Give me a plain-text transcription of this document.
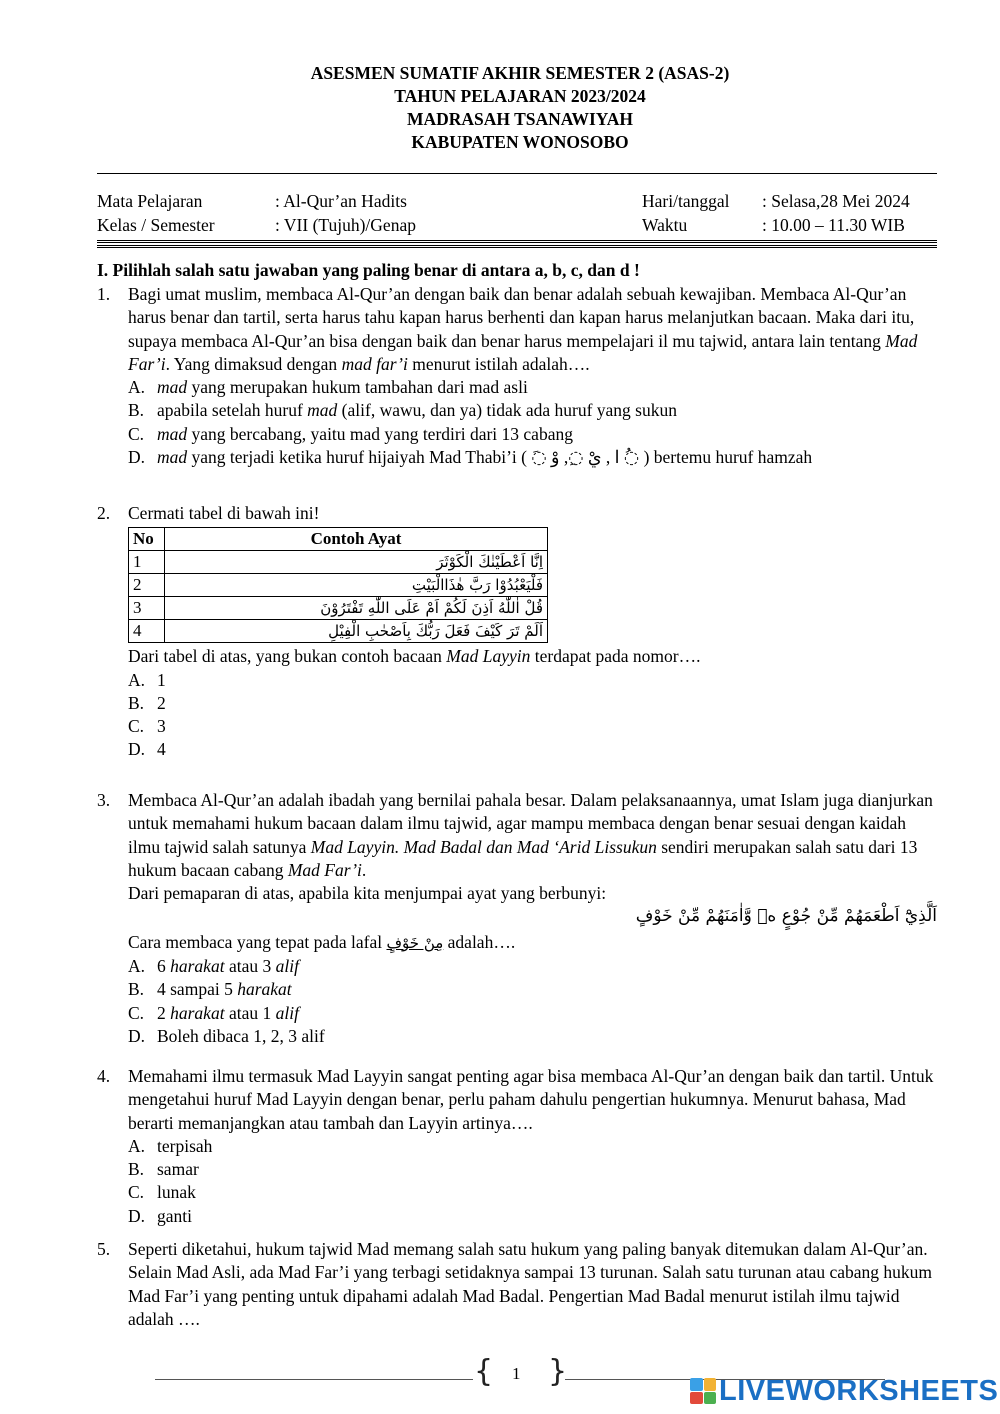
ASESMEN SUMATIF AKHIR SEMESTER 2 (ASAS-2)
TAHUN PELAJARAN 2023/2024
MADRASAH TSANAWIYAH
KABUPATEN WONOSOBO
Mata Pelajaran	: Al-Qur’an Hadits	Hari/tanggal : Selasa,28 Mei 2024
Kelas / Semester	: VII (Tujuh)/Genap	Waktu	: 10.00 – 11.30 WIB
I. Pilihlah salah satu jawaban yang paling benar di antara a, b, c, dan d !
1. Bagi umat muslim, membaca Al-Qur’an dengan baik dan benar adalah sebuah kewajiban. Membaca Al-Qur’an harus benar dan tartil, serta harus tahu kapan harus berhenti dan kapan harus melanjutkan bacaan. Maka dari itu, supaya membaca Al-Qur’an bisa dengan baik dan benar harus mempelajari il mu tajwid, antara lain tentang Mad Far’i. Yang dimaksud dengan mad far’i menurut istilah adalah….
A. mad yang merupakan hukum tambahan dari mad asli
B. apabila setelah huruf mad (alif, wawu, dan ya) tidak ada huruf yang sukun
C. mad yang bercabang, yaitu mad yang terdiri dari 13 cabang
D. mad yang terjadi ketika huruf hijaiyah Mad Thabi’i ( ◌َ ا , يْ ◌ِ, وْ ◌ُ ) bertemu huruf hamzah
2. Cermati tabel di bawah ini!
No	Contoh Ayat
1	اِنَّا اَعْطَيْنٰكَ الْكَوْثَرَ
2	فَلْيَعْبُدُوْا رَبَّ هٰذَاالْبَيْتِ
3	قُلْ اٰللّٰهُ اَذِنَ لَكُمْ اَمْ عَلَى اللّٰهِ تَفْتَرُوْنَ
4	اَلَمْ تَرَ كَيْفَ فَعَلَ رَبُّكَ بِاَصْحٰبِ الْفِيْلِ
Dari tabel di atas, yang bukan contoh bacaan Mad Layyin terdapat pada nomor….
A. 1
B. 2
C. 3
D. 4
3. Membaca Al-Qur’an adalah ibadah yang bernilai pahala besar. Dalam pelaksanaannya, umat Islam juga dianjurkan untuk memahami hukum bacaan dalam ilmu tajwid, agar mampu membaca dengan benar sesuai dengan kaidah ilmu tajwid salah satunya Mad Layyin. Mad Badal dan Mad ‘Arid Lissukun sendiri merupakan salah satu dari 13 hukum bacaan cabang Mad Far’i.
Dari pemaparan di atas, apabila kita menjumpai ayat yang berbunyi:
اَلَّذِيْٓ اَطْعَمَهُمْ مِّنْ جُوْعٍ ەۙ وَّاٰمَنَهُمْ مِّنْ خَوْفٍ
Cara membaca yang tepat pada lafal مِنْ خَوْفٍ adalah….
A. 6 harakat atau 3 alif
B. 4 sampai 5 harakat
C. 2 harakat atau 1 alif
D. Boleh dibaca 1, 2, 3 alif
4. Memahami ilmu termasuk Mad Layyin sangat penting agar bisa membaca Al-Qur’an dengan baik dan tartil. Untuk mengetahui huruf Mad Layyin dengan benar, perlu paham dahulu pengertian hukumnya. Menurut bahasa, Mad berarti memanjangkan atau tambah dan Layyin artinya….
A. terpisah
B. samar
C. lunak
D. ganti
5. Seperti diketahui, hukum tajwid Mad memang salah satu hukum yang paling banyak ditemukan dalam Al-Qur’an. Selain Mad Asli, ada Mad Far’i yang terbagi setidaknya sampai 13 turunan. Salah satu turunan atau cabang hukum Mad Far’i yang penting untuk dipahami adalah Mad Badal. Pengertian Mad Badal menurut istilah ilmu tajwid adalah ….
{ }
1
LIVEWORKSHEETS
